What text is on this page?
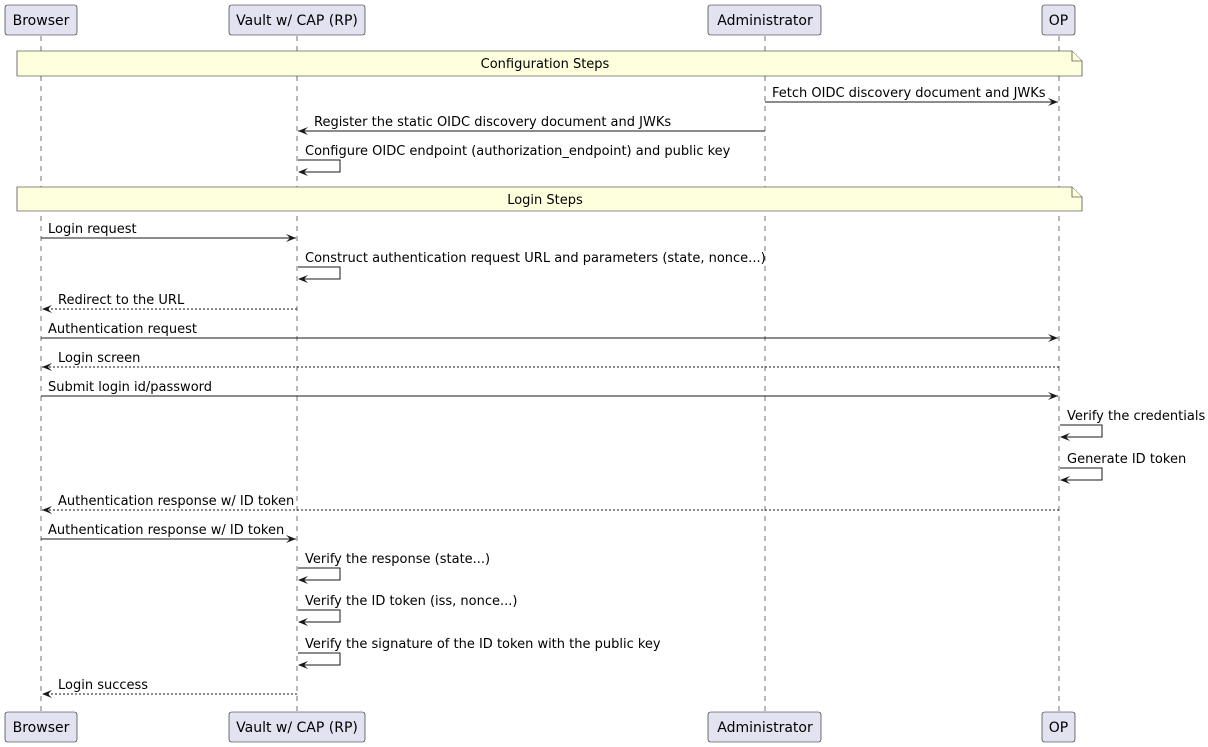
Browser	Vault w/ CAP (RP)	Administrator	OP
Browser	Vault w/ CAP (RP)	Administrator	OP
Configuration Steps
Login Steps
Fetch OIDC discovery document and JWKs
Register the static OIDC discovery document and JWKs
Configure OIDC endpoint (authorization_endpoint) and public key
Login request
Construct authentication request URL and parameters (state, nonce...)
Redirect to the URL
Authentication request
Login screen
Submit login id/password
Verify the credentials
Generate ID token
Authentication response w/ ID token
Authentication response w/ ID token
Verify the response (state...)
Verify the ID token (iss, nonce...)
Verify the signature of the ID token with the public key
Login success
